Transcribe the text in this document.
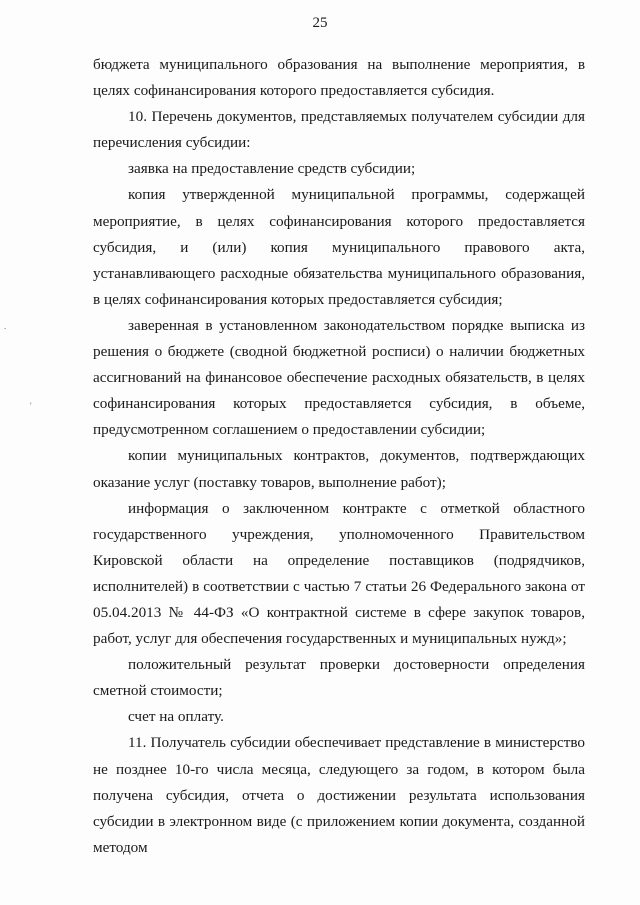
25

бюджета муниципального образования на выполнение мероприятия, в целях софинансирования которого предоставляется субсидия.

10. Перечень документов, представляемых получателем субсидии для перечисления субсидии:

заявка на предоставление средств субсидии;

копия утвержденной муниципальной программы, содержащей мероприятие, в целях софинансирования которого предоставляется субсидия, и (или) копия муниципального правового акта, устанавливающего расходные обязательства муниципального образования, в целях софинансирования которых предоставляется субсидия;

заверенная в установленном законодательством порядке выписка из решения о бюджете (сводной бюджетной росписи) о наличии бюджетных ассигнований на финансовое обеспечение расходных обязательств, в целях софинансирования которых предоставляется субсидия, в объеме, предусмотренном соглашением о предоставлении субсидии;

копии муниципальных контрактов, документов, подтверждающих оказание услуг (поставку товаров, выполнение работ);

информация о заключенном контракте с отметкой областного государственного учреждения, уполномоченного Правительством Кировской области на определение поставщиков (подрядчиков, исполнителей) в соответствии с частью 7 статьи 26 Федерального закона от 05.04.2013 № 44-ФЗ «О контрактной системе в сфере закупок товаров, работ, услуг для обеспечения государственных и муниципальных нужд»;

положительный результат проверки достоверности определения сметной стоимости;

счет на оплату.

11. Получатель субсидии обеспечивает представление в министерство не позднее 10-го числа месяца, следующего за годом, в котором была получена субсидия, отчета о достижении результата использования субсидии в электронном виде (с приложением копии документа, созданной методом

.
'
